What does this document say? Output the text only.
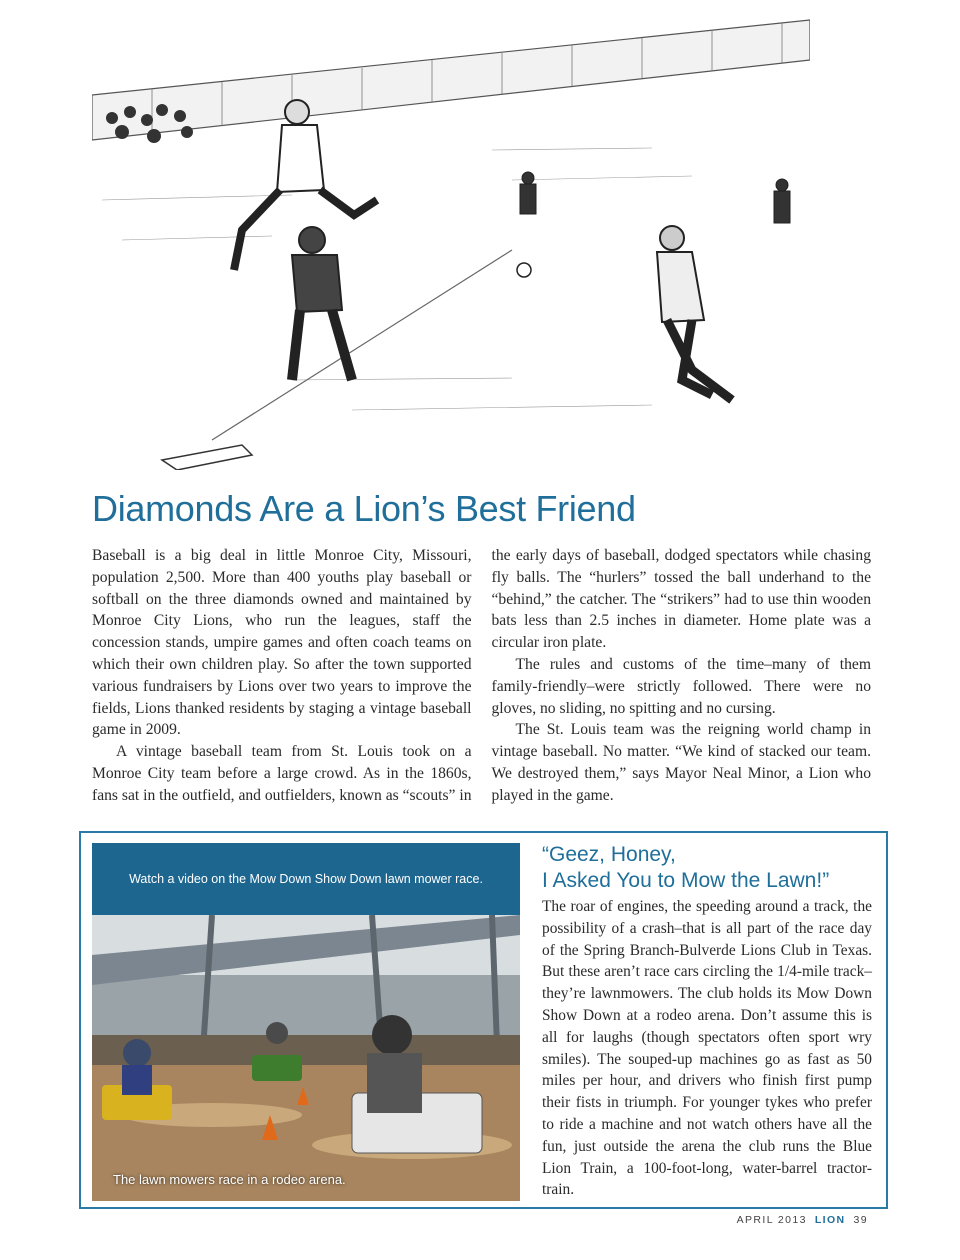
Diamonds Are a Lion’s Best Friend

Baseball is a big deal in little Monroe City, Missouri, population 2,500. More than 400 youths play baseball or softball on the three diamonds owned and maintained by Monroe City Lions, who run the leagues, staff the concession stands, umpire games and often coach teams on which their own children play. So after the town supported various fundraisers by Lions over two years to improve the fields, Lions thanked residents by staging a vintage baseball game in 2009.

A vintage baseball team from St. Louis took on a Monroe City team before a large crowd. As in the 1860s, fans sat in the outfield, and outfielders, known as “scouts” in the early days of baseball, dodged spectators while chasing fly balls. The “hurlers” tossed the ball underhand to the “behind,” the catcher. The “strikers” had to use thin wooden bats less than 2.5 inches in diameter. Home plate was a circular iron plate.

The rules and customs of the time–many of them family-friendly–were strictly followed. There were no gloves, no sliding, no spitting and no cursing.

The St. Louis team was the reigning world champ in vintage baseball. No matter. “We kind of stacked our team. We destroyed them,” says Mayor Neal Minor, a Lion who played in the game.

Watch a video on the Mow Down Show Down lawn mower race.
The lawn mowers race in a rodeo arena.
“Geez, Honey,
I Asked You to Mow the Lawn!”

The roar of engines, the speeding around a track, the possibility of a crash–that is all part of the race day of the Spring Branch-Bulverde Lions Club in Texas. But these aren’t race cars circling the 1/4-mile track–they’re lawnmowers. The club holds its Mow Down Show Down at a rodeo arena. Don’t assume this is all for laughs (though spectators often sport wry smiles). The souped-up machines go as fast as 50 miles per hour, and drivers who finish first pump their fists in triumph. For younger tykes who prefer to ride a machine and not watch others have all the fun, just outside the arena the club runs the Blue Lion Train, a 100-foot-long, water-barrel tractor-train.

APRIL 2013 LION 39
